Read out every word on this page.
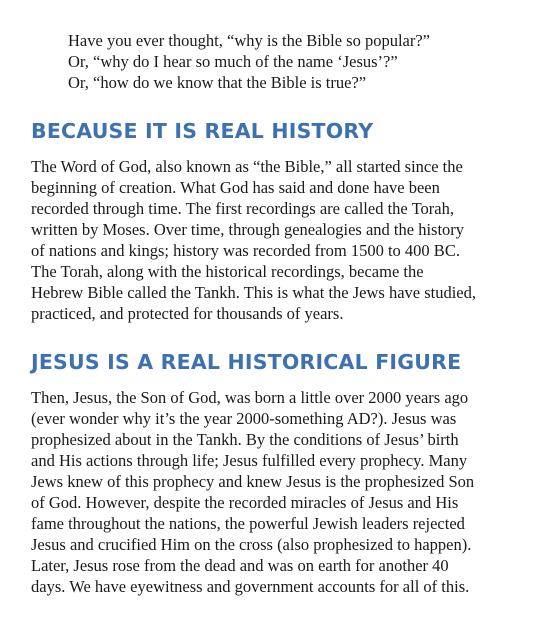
Have you ever thought, “why is the Bible so popular?”
Or, “why do I hear so much of the name ‘Jesus’?”
Or, “how do we know that the Bible is true?”
BECAUSE IT IS REAL HISTORY
The Word of God, also known as “the Bible,” all started since the
beginning of creation. What God has said and done have been
recorded through time. The first recordings are called the Torah,
written by Moses. Over time, through genealogies and the history
of nations and kings; history was recorded from 1500 to 400 BC.
The Torah, along with the historical recordings, became the
Hebrew Bible called the Tankh. This is what the Jews have studied,
practiced, and protected for thousands of years.
JESUS IS A REAL HISTORICAL FIGURE
Then, Jesus, the Son of God, was born a little over 2000 years ago
(ever wonder why it’s the year 2000-something AD?). Jesus was
prophesized about in the Tankh. By the conditions of Jesus’ birth
and His actions through life; Jesus fulfilled every prophecy. Many
Jews knew of this prophecy and knew Jesus is the prophesized Son
of God. However, despite the recorded miracles of Jesus and His
fame throughout the nations, the powerful Jewish leaders rejected
Jesus and crucified Him on the cross (also prophesized to happen).
Later, Jesus rose from the dead and was on earth for another 40
days. We have eyewitness and government accounts for all of this.
